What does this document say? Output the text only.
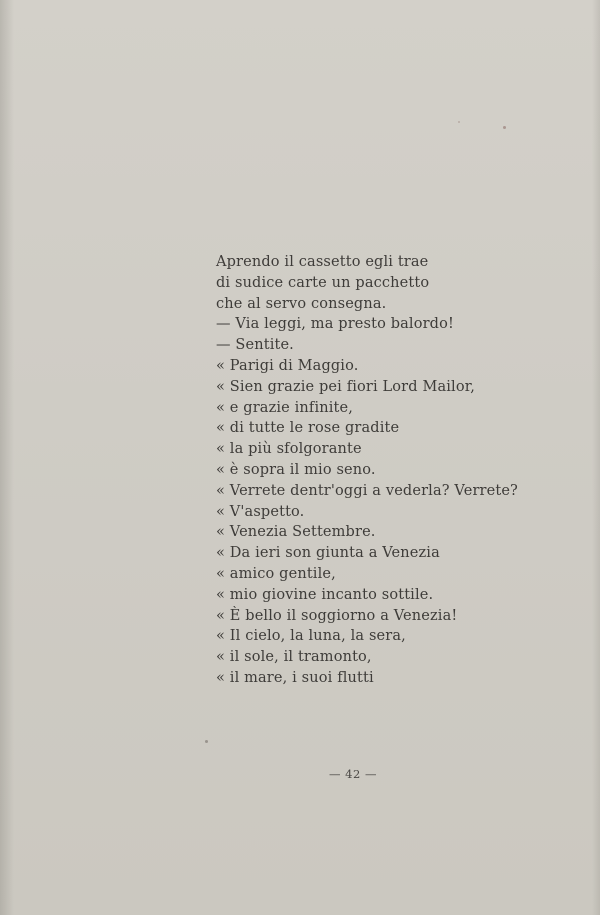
Aprendo il cassetto egli trae
di sudice carte un pacchetto
che al servo consegna.
— Via leggi, ma presto balordo!
— Sentite.
« Parigi di Maggio.
« Sien grazie pei fiori Lord Mailor,
« e grazie infinite,
« di tutte le rose gradite
« la più sfolgorante
« è sopra il mio seno.
« Verrete dentr'oggi a vederla? Verrete?
« V'aspetto.
« Venezia Settembre.
« Da ieri son giunta a Venezia
« amico gentile,
« mio giovine incanto sottile.
« È bello il soggiorno a Venezia!
« Il cielo, la luna, la sera,
« il sole, il tramonto,
« il mare, i suoi flutti
— 42 —
